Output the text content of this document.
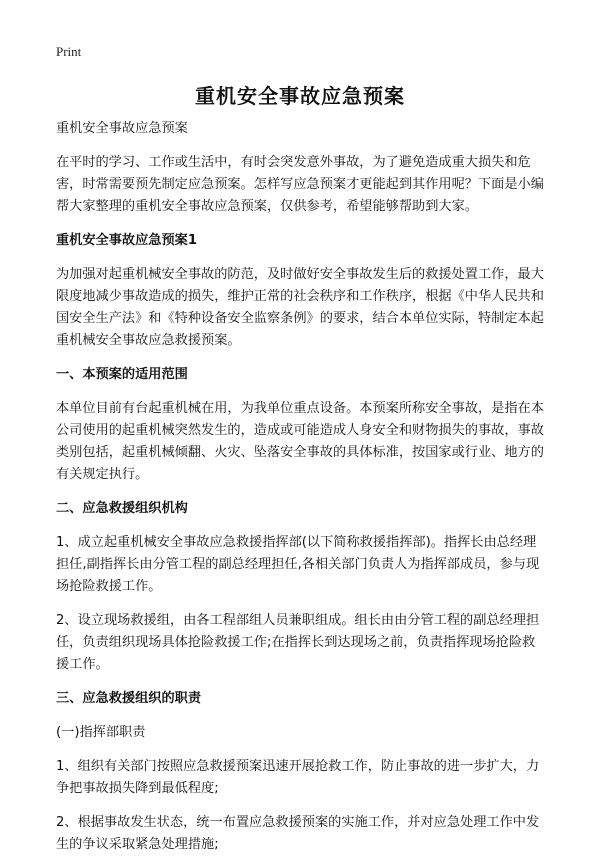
Print
重机安全事故应急预案

重机安全事故应急预案

在平时的学习、工作或生活中，有时会突发意外事故，为了避免造成重大损失和危害，时常需要预先制定应急预案。怎样写应急预案才更能起到其作用呢？下面是小编帮大家整理的重机安全事故应急预案，仅供参考，希望能够帮助到大家。

重机安全事故应急预案1

为加强对起重机械安全事故的防范，及时做好安全事故发生后的救援处置工作，最大限度地减少事故造成的损失，维护正常的社会秩序和工作秩序，根据《中华人民共和国安全生产法》和《特种设备安全监察条例》的要求，结合本单位实际，特制定本起重机械安全事故应急救援预案。

一、本预案的适用范围

本单位目前有台起重机械在用，为我单位重点设备。本预案所称安全事故，是指在本公司使用的起重机械突然发生的，造成或可能造成人身安全和财物损失的事故，事故类别包括，起重机械倾翻、火灾、坠落安全事故的具体标准，按国家或行业、地方的有关规定执行。

二、应急救援组织机构

1、成立起重机械安全事故应急救援指挥部(以下简称救援指挥部)。指挥长由总经理担任,副指挥长由分管工程的副总经理担任,各相关部门负责人为指挥部成员，参与现场抢险救援工作。

2、设立现场救援组，由各工程部组人员兼职组成。组长由由分管工程的副总经理担任，负责组织现场具体抢险救援工作;在指挥长到达现场之前，负责指挥现场抢险救援工作。

三、应急救援组织的职责

(一)指挥部职责

1、组织有关部门按照应急救援预案迅速开展抢救工作，防止事故的进一步扩大，力争把事故损失降到最低程度;

2、根据事故发生状态，统一布置应急救援预案的实施工作，并对应急处理工作中发生的争议采取紧急处理措施;
